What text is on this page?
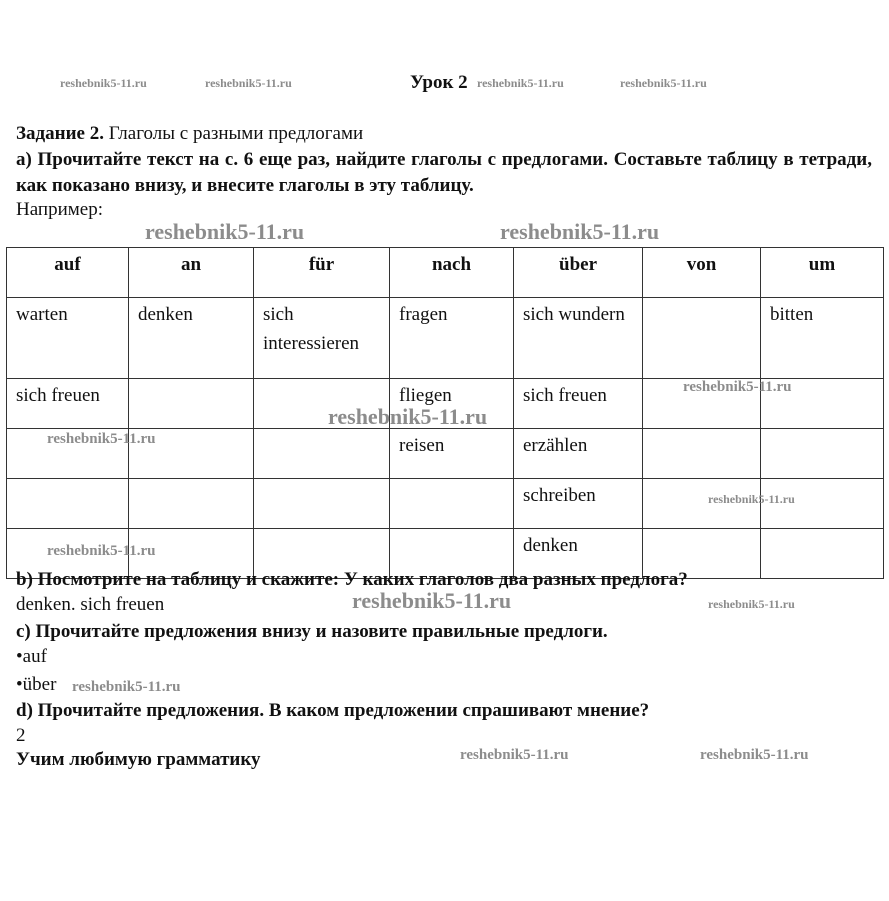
reshebnik5-11.ru	reshebnik5-11.ru	Урок 2 reshebnik5-11.ru	reshebnik5-11.ru
Задание 2. Глаголы с разными предлогами
а) Прочитайте текст на с. 6 еще раз, найдите глаголы с предлогами. Составьте таблицу в тетради, как показано внизу, и внесите глаголы в эту таблицу.
Например:
reshebnik5-11.ru	reshebnik5-11.ru
auf	an	für	nach	über	von	um
warten	denken	sich interessieren	fragen	sich wundern		bitten
sich freuen			fliegen	sich freuen		
			reisen	erzählen		
				schreiben		
				denken		
reshebnik5-11.ru
reshebnik5-11.ru
reshebnik5-11.ru
reshebnik5-11.ru
reshebnik5-11.ru
b) Посмотрите на таблицу и скажите: У каких глаголов два разных предлога?
denken. sich freuen	reshebnik5-11.ru	reshebnik5-11.ru
c) Прочитайте предложения внизу и назовите правильные предлоги.
•auf
•über reshebnik5-11.ru
d) Прочитайте предложения. В каком предложении спрашивают мнение?
2
Учим любимую грамматику	reshebnik5-11.ru	reshebnik5-11.ru
